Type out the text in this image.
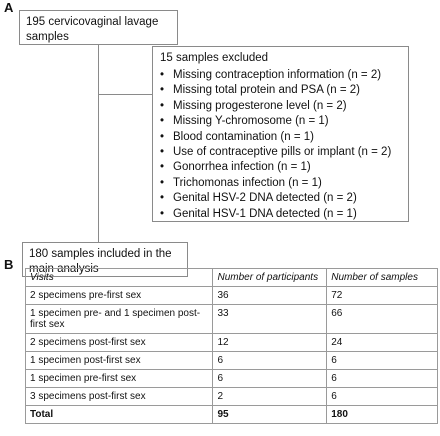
A
195 cervicovaginal lavage samples
15 samples excluded
• Missing contraception information (n = 2)
• Missing total protein and PSA (n = 2)
• Missing progesterone level (n = 2)
• Missing Y-chromosome (n = 1)
• Blood contamination (n = 1)
• Use of contraceptive pills or implant (n = 2)
• Gonorrhea infection (n = 1)
• Trichomonas infection (n = 1)
• Genital HSV-2 DNA detected (n = 2)
• Genital HSV-1 DNA detected (n = 1)
180 samples included in the main analysis
B
Visits	Number of participants	Number of samples
2 specimens pre-first sex	36	72
1 specimen pre- and 1 specimen post-first sex	33	66
2 specimens post-first sex	12	24
1 specimen post-first sex	6	6
1 specimen pre-first sex	6	6
3 specimens post-first sex	2	6
Total	95	180
